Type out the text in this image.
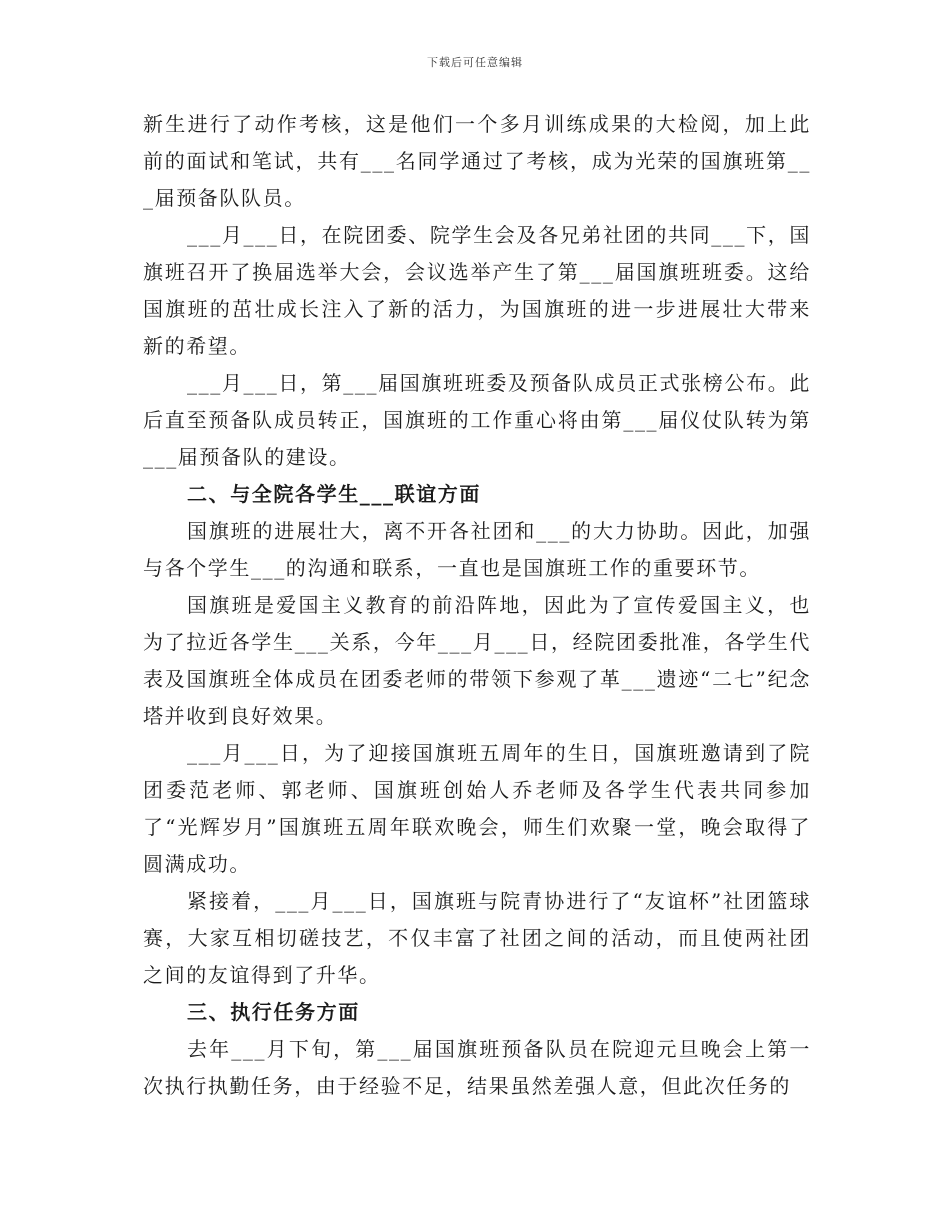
下载后可任意编辑

新生进行了动作考核，这是他们一个多月训练成果的大检阅，加上此前的面试和笔试，共有___名同学通过了考核，成为光荣的国旗班第___届预备队队员。

___月___日，在院团委、院学生会及各兄弟社团的共同___下，国旗班召开了换届选举大会，会议选举产生了第___届国旗班班委。这给国旗班的茁壮成长注入了新的活力，为国旗班的进一步进展壮大带来新的希望。

___月___日，第___届国旗班班委及预备队成员正式张榜公布。此后直至预备队成员转正，国旗班的工作重心将由第___届仪仗队转为第___届预备队的建设。

二、与全院各学生___联谊方面

国旗班的进展壮大，离不开各社团和___的大力协助。因此，加强与各个学生___的沟通和联系，一直也是国旗班工作的重要环节。

国旗班是爱国主义教育的前沿阵地，因此为了宣传爱国主义，也为了拉近各学生___关系，今年___月___日，经院团委批准，各学生代表及国旗班全体成员在团委老师的带领下参观了革___遗迹“二七”纪念塔并收到良好效果。

___月___日，为了迎接国旗班五周年的生日，国旗班邀请到了院团委范老师、郭老师、国旗班创始人乔老师及各学生代表共同参加了“光辉岁月”国旗班五周年联欢晚会，师生们欢聚一堂，晚会取得了圆满成功。

紧接着，___月___日，国旗班与院青协进行了“友谊杯”社团篮球赛，大家互相切磋技艺，不仅丰富了社团之间的活动，而且使两社团之间的友谊得到了升华。

三、执行任务方面

去年___月下旬，第___届国旗班预备队员在院迎元旦晚会上第一次执行执勤任务，由于经验不足，结果虽然差强人意，但此次任务的
